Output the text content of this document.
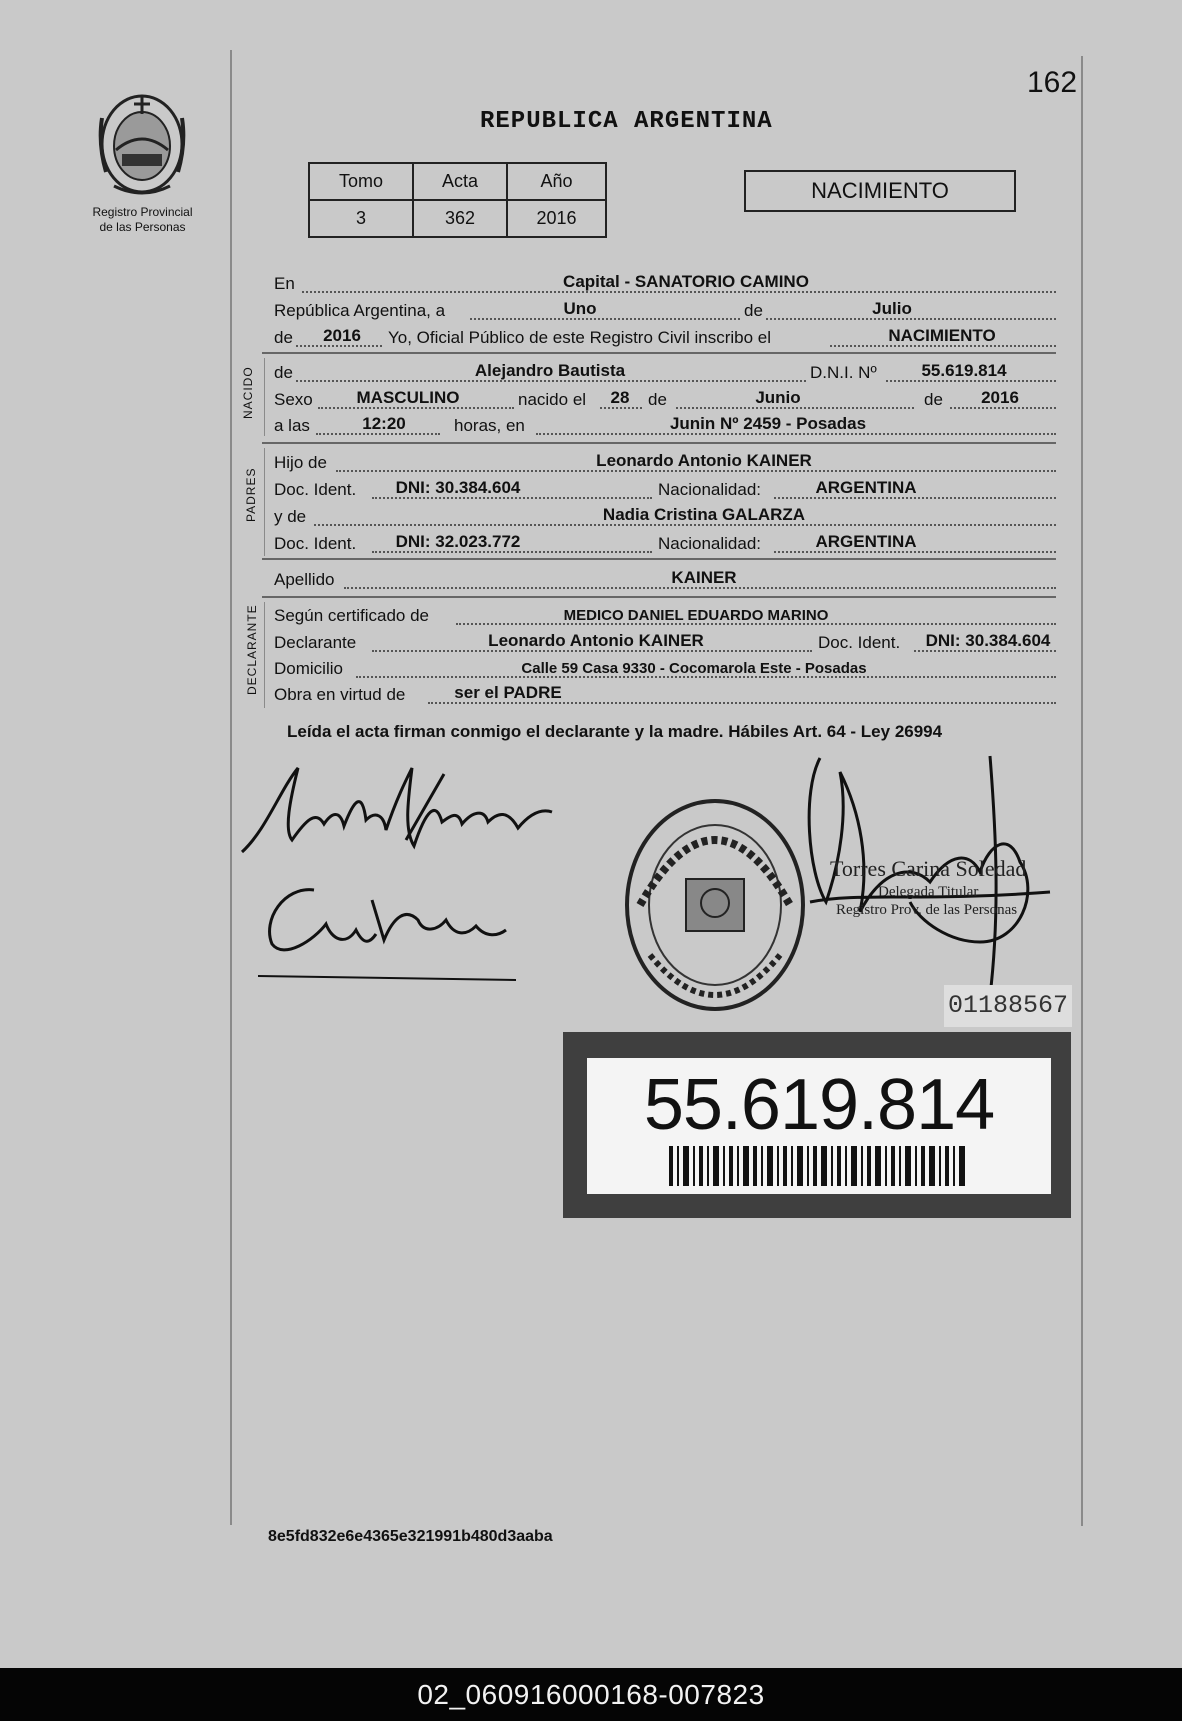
162
Registro Provincial
de las Personas
REPUBLICA ARGENTINA
Tomo	Acta	Año
3	362	2016
NACIMIENTO
En	Capital - SANATORIO CAMINO
República Argentina, a	Uno	de	Julio
de 2016 Yo, Oficial Público de este Registro Civil inscribo el	NACIMIENTO
NACIDO de	Alejandro Bautista	D.N.I. Nº	55.619.814
Sexo	MASCULINO	nacido el 28 de	Junio	de 2016
a las	12:20	horas, en	Junin Nº 2459 - Posadas
PADRES
Hijo de	Leonardo Antonio KAINER
Doc. Ident. DNI: 30.384.604	Nacionalidad:	ARGENTINA
y de	Nadia Cristina GALARZA
Doc. Ident. DNI: 32.023.772	Nacionalidad:	ARGENTINA
Apellido	KAINER
DECLARANTE Según certificado de	MEDICO DANIEL EDUARDO MARINO
Declarante	Leonardo Antonio KAINER	Doc. Ident. DNI: 30.384.604
Domicilio	Calle 59 Casa 9330 - Cocomarola Este - Posadas
Obra en virtud de	ser el PADRE
Leída el acta firman conmigo el declarante y la madre. Hábiles Art. 64 - Ley 26994
Torres Carina Soledad
Delegada Titular
Registro Prov. de las Personas
01188567
55.619.814
8e5fd832e6e4365e321991b480d3aaba
02_060916000168-007823
